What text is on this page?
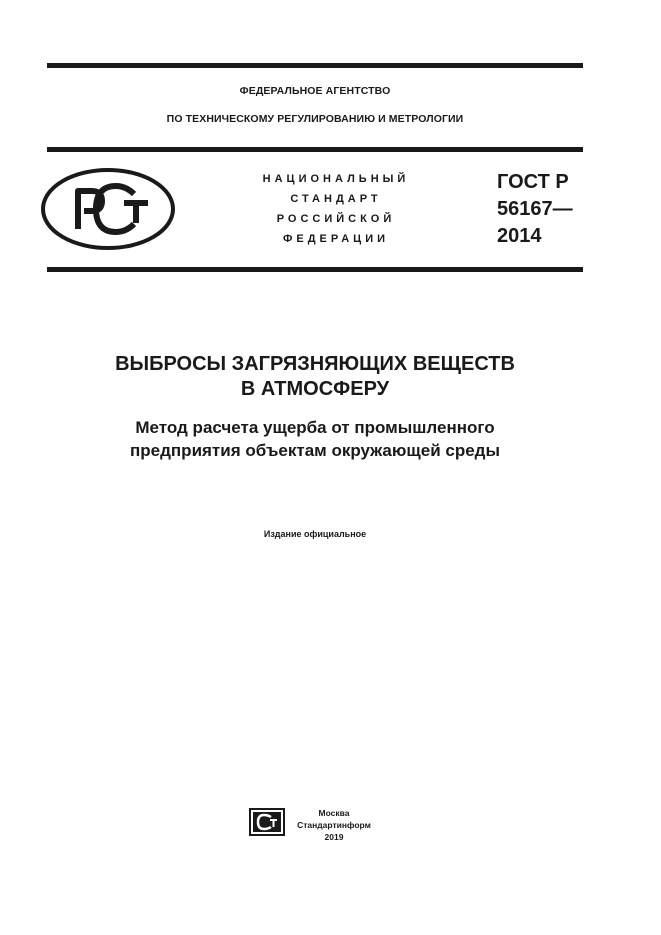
ФЕДЕРАЛЬНОЕ АГЕНТСТВО
ПО ТЕХНИЧЕСКОМУ РЕГУЛИРОВАНИЮ И МЕТРОЛОГИИ
НАЦИОНАЛЬНЫЙ
СТАНДАРТ
РОССИЙСКОЙ
ФЕДЕРАЦИИ
ГОСТ Р
56167—
2014
ВЫБРОСЫ ЗАГРЯЗНЯЮЩИХ ВЕЩЕСТВ
В АТМОСФЕРУ
Метод расчета ущерба от промышленного
предприятия объектам окружающей среды
Издание официальное
Москва
Стандартинформ
2019
